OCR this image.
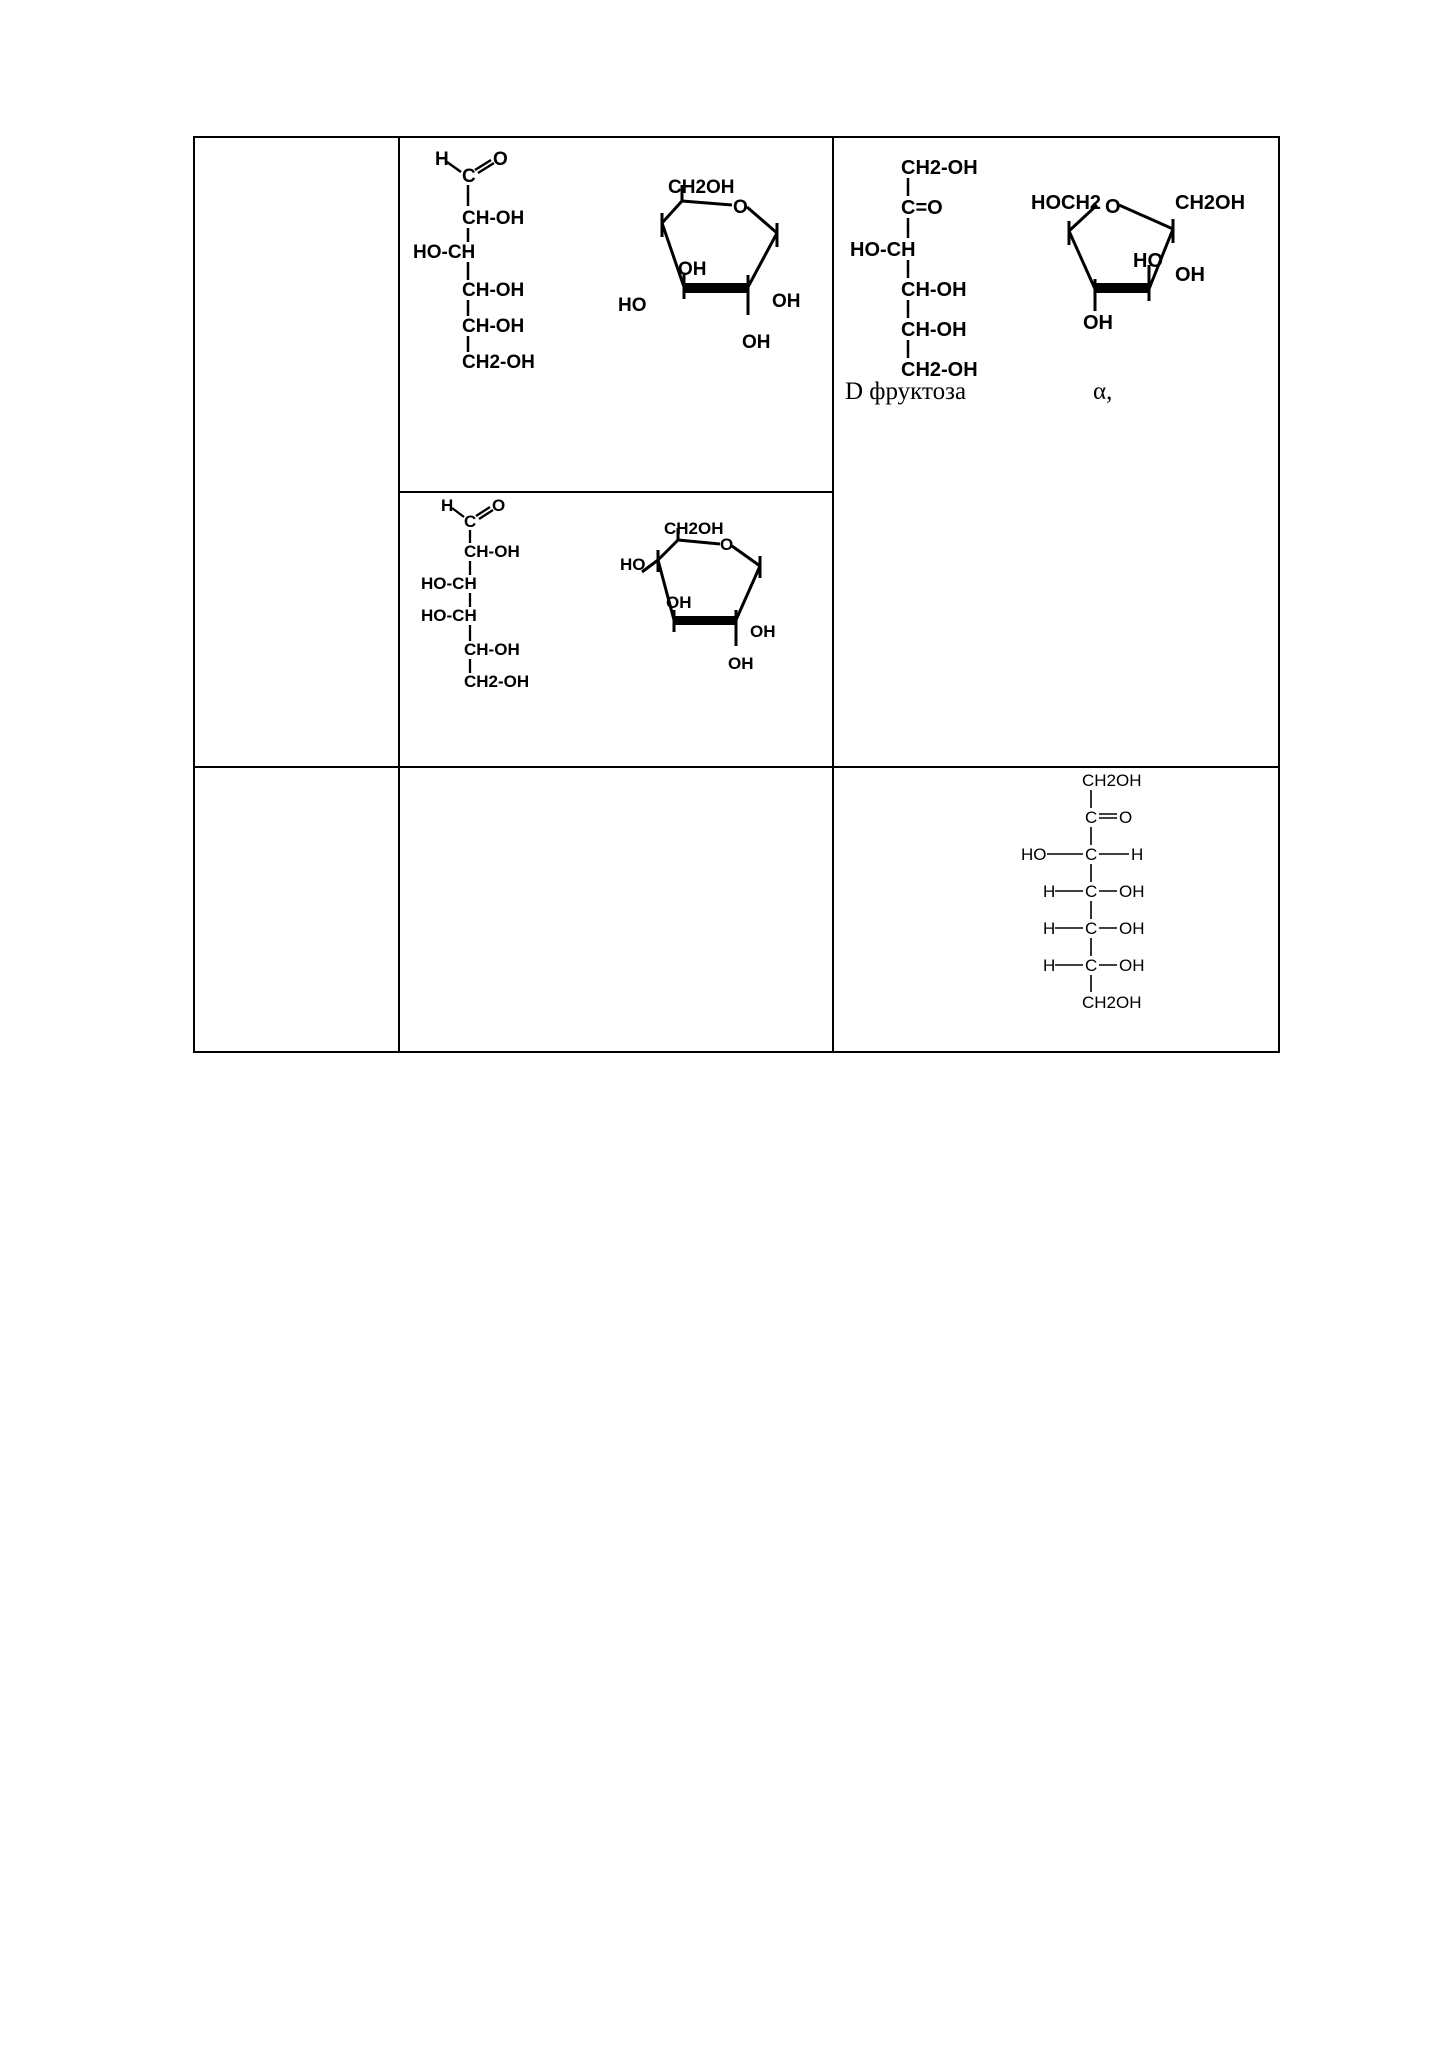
H
C
O
CH-OH
HO-CH
CH-OH
CH-OH
CH2-OH
CH2OH
O
OH
HO	OH
OH
H
C
O
CH-OH
HO-CH
HO-CH
CH-OH
CH2-OH
CH2OH
O
HO
OH
OH
OH
CH2-OH
C=O
HO-CH
CH-OH
CH-OH
CH2-OH
HOCH2 O	CH2OH
HO
OH
OH
D фруктоза	α,
CH2OH
C O
HO C H
H C OH
H C OH
H C OH
CH2OH
